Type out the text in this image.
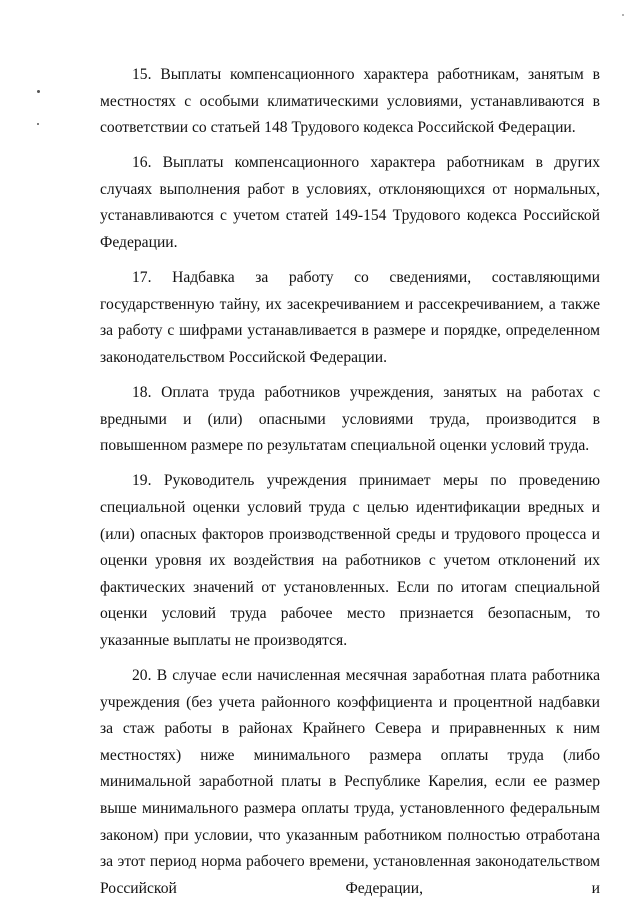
15. Выплаты компенсационного характера работникам, занятым в местностях с особыми климатическими условиями, устанавливаются в соответствии со статьей 148 Трудового кодекса Российской Федерации.

16. Выплаты компенсационного характера работникам в других случаях выполнения работ в условиях, отклоняющихся от нормальных, устанавливаются с учетом статей 149-154 Трудового кодекса Российской Федерации.

17. Надбавка за работу со сведениями, составляющими государственную тайну, их засекречиванием и рассекречиванием, а также за работу с шифрами устанавливается в размере и порядке, определенном законодательством Российской Федерации.

18. Оплата труда работников учреждения, занятых на работах с вредными и (или) опасными условиями труда, производится в повышенном размере по результатам специальной оценки условий труда.

19. Руководитель учреждения принимает меры по проведению специальной оценки условий труда с целью идентификации вредных и (или) опасных факторов производственной среды и трудового процесса и оценки уровня их воздействия на работников с учетом отклонений их фактических значений от установленных. Если по итогам специальной оценки условий труда рабочее место признается безопасным, то указанные выплаты не производятся.

20. В случае если начисленная месячная заработная плата работника учреждения (без учета районного коэффициента и процентной надбавки за стаж работы в районах Крайнего Севера и приравненных к ним местностях) ниже минимального размера оплаты труда (либо минимальной заработной платы в Республике Карелия, если ее размер выше минимального размера оплаты труда, установленного федеральным законом) при условии, что указанным работником полностью отработана за этот период норма рабочего времени, установленная законодательством Российской Федерации, и
